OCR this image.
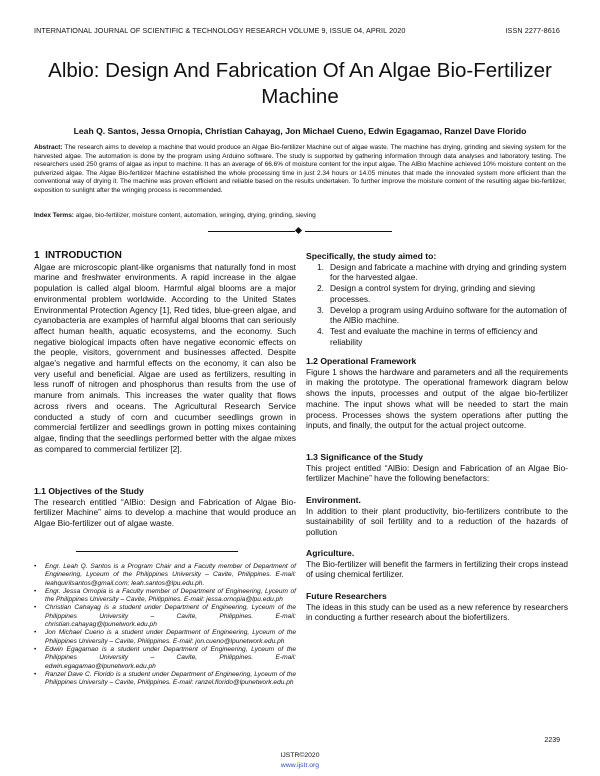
INTERNATIONAL JOURNAL OF SCIENTIFIC & TECHNOLOGY RESEARCH VOLUME 9, ISSUE 04, APRIL 2020	ISSN 2277-8616
Albio: Design And Fabrication Of An Algae Bio-Fertilizer Machine
Leah Q. Santos, Jessa Ornopia, Christian Cahayag, Jon Michael Cueno, Edwin Egagamao, Ranzel Dave Florido
Abstract: The research aims to develop a machine that would produce an Algae Bio-fertilizer Machine out of algae waste. The machine has drying, grinding and sieving system for the harvested algae. The automation is done by the program using Arduino software. The study is supported by gathering information through data analyses and laboratory testing. The researchers used 250 grams of algae as input to machine. It has an average of 66.6% of moisture content for the input algae. The AlBio Machine achieved 10% moisture content on the pulverized algae. The Algae Bio-fertilizer Machine established the whole processing time in just 2.34 hours or 14.05 minutes that made the innovated system more efficient than the conventional way of drying it. The machine was proven efficient and reliable based on the results undertaken. To further improve the moisture content of the resulting algae bio-fertilizer, exposition to sunlight after the wringing process is recommended.
Index Terms: algae, bio-fertilizer, moisture content, automation, wringing, drying, grinding, sieving
1 INTRODUCTION

Algae are microscopic plant-like organisms that naturally fond in most marine and freshwater environments. A rapid increase in the algae population is called algal bloom. Harmful algal blooms are a major environmental problem worldwide. According to the United States Environmental Protection Agency [1], Red tides, blue-green algae, and cyanobacteria are examples of harmful algal blooms that can seriously affect human health, aquatic ecosystems, and the economy. Such negative biological impacts often have negative economic effects on the people, visitors, government and businesses affected. Despite algae's negative and harmful effects on the economy, it can also be very useful and beneficial. Algae are used as fertilizers, resulting in less runoff of nitrogen and phosphorus than results from the use of manure from animals. This increases the water quality that flows across rivers and oceans. The Agricultural Research Service conducted a study of corn and cucumber seedlings grown in commercial fertilizer and seedlings grown in potting mixes containing algae, finding that the seedlings performed better with the algae mixes as compared to commercial fertilizer [2].

1.1 Objectives of the Study

The research entitled “AlBio: Design and Fabrication of Algae Bio-fertilizer Machine” aims to develop a machine that would produce an Algae Bio-fertilizer out of algae waste.

• Engr. Leah Q. Santos is a Program Chair and a Faculty member of Department of Engineering, Lyceum of the Philippines University – Cavite, Philippines. E-mail: leahquirilsantos@gmail.com; leah.santos@lpu.edu.ph.
• Engr. Jessa Ornopia is a Faculty member of Department of Engineering, Lyceum of the Philippines University – Cavite, Philippines. E-mail: jessa.ornopia@lpu.edu.ph
• Christian Cahayag is a student under Department of Engineering, Lyceum of the Philippines University – Cavite, Philippines. E-mail: christian.cahayag@lpunetwork.edu.ph
• Jon Michael Cueno is a student under Department of Engineering, Lyceum of the Philippines University – Cavite, Philippines. E-mail: jon.cueno@lpunetwork.edu.ph
• Edwin Egagamao is a student under Department of Engineering, Lyceum of the Philippines University – Cavite, Philippines. E-mail: edwin.egagamao@lpunetwork.edu.ph
• Ranzel Dave C. Florido is a student under Department of Engineering, Lyceum of the Philippines University – Cavite, Philippines. E-mail: ranzel.florido@lpunetwork.edu.ph
Specifically, the study aimed to:
1. Design and fabricate a machine with drying and grinding system for the harvested algae.
2. Design a control system for drying, grinding and sieving processes.
3. Develop a program using Arduino software for the automation of the AlBio machine.
4. Test and evaluate the machine in terms of efficiency and reliability
1.2 Operational Framework

Figure 1 shows the hardware and parameters and all the requirements in making the prototype. The operational framework diagram below shows the inputs, processes and output of the algae bio-fertilizer machine. The input shows what will be needed to start the main process. Processes shows the system operations after putting the inputs, and finally, the output for the actual project outcome.

1.3 Significance of the Study

This project entitled “AlBio: Design and Fabrication of an Algae Bio-fertilizer Machine” have the following benefactors:

Environment.

In addition to their plant productivity, bio-fertilizers contribute to the sustainability of soil fertility and to a reduction of the hazards of pollution

Agriculture.

The Bio-fertilizer will benefit the farmers in fertilizing their crops instead of using chemical fertilizer.

Future Researchers

The ideas in this study can be used as a new reference by researchers in conducting a further research about the biofertilizers.

2239
IJSTR©2020
www.ijstr.org
